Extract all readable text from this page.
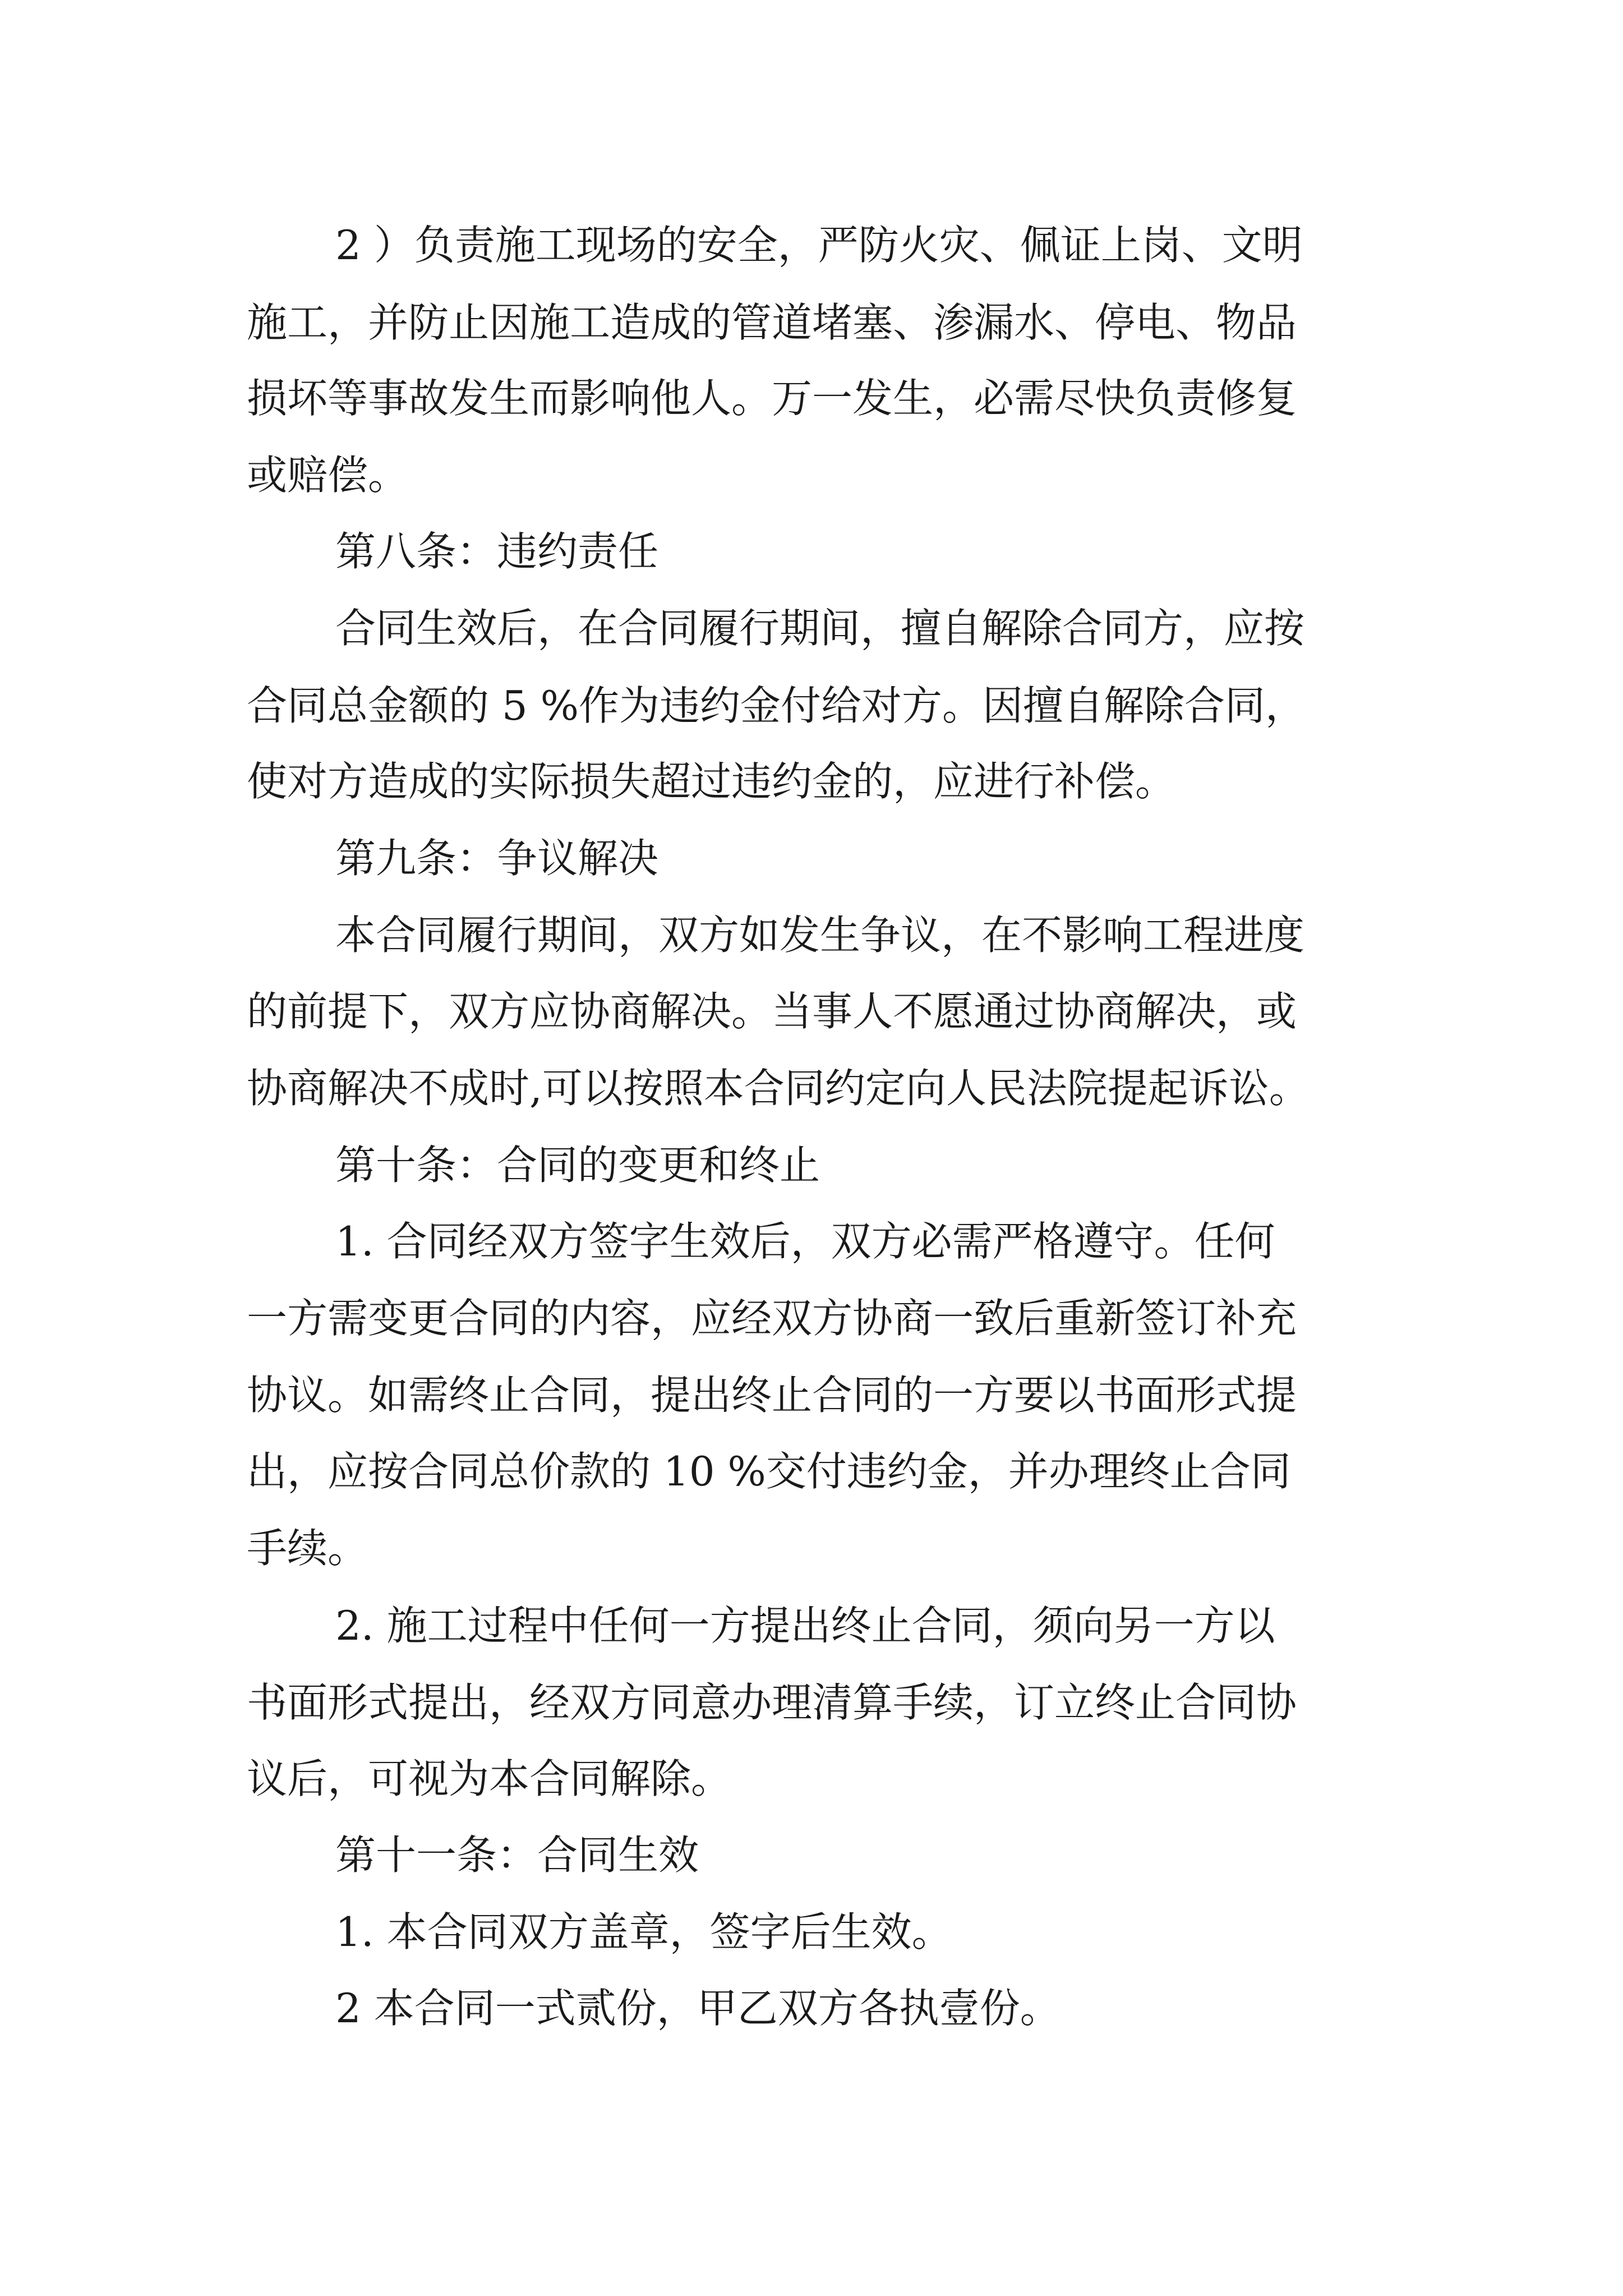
2 ）负责施工现场的安全，严防火灾、佩证上岗、文明
施工，并防止因施工造成的管道堵塞、渗漏水、停电、物品
损坏等事故发生而影响他人。万一发生，必需尽快负责修复
或赔偿。
第八条：违约责任
合同生效后，在合同履行期间，擅自解除合同方，应按
合同总金额的 5 %作为违约金付给对方。因擅自解除合同，
使对方造成的实际损失超过违约金的，应进行补偿。
第九条：争议解决
本合同履行期间，双方如发生争议，在不影响工程进度
的前提下，双方应协商解决。当事人不愿通过协商解决，或
协商解决不成时,可以按照本合同约定向人民法院提起诉讼。
第十条：合同的变更和终止
1. 合同经双方签字生效后，双方必需严格遵守。任何
一方需变更合同的内容，应经双方协商一致后重新签订补充
协议。如需终止合同，提出终止合同的一方要以书面形式提
出，应按合同总价款的 10 %交付违约金，并办理终止合同
手续。
2. 施工过程中任何一方提出终止合同，须向另一方以
书面形式提出，经双方同意办理清算手续，订立终止合同协
议后，可视为本合同解除。
第十一条：合同生效
1. 本合同双方盖章，签字后生效。
2 本合同一式贰份，甲乙双方各执壹份。
